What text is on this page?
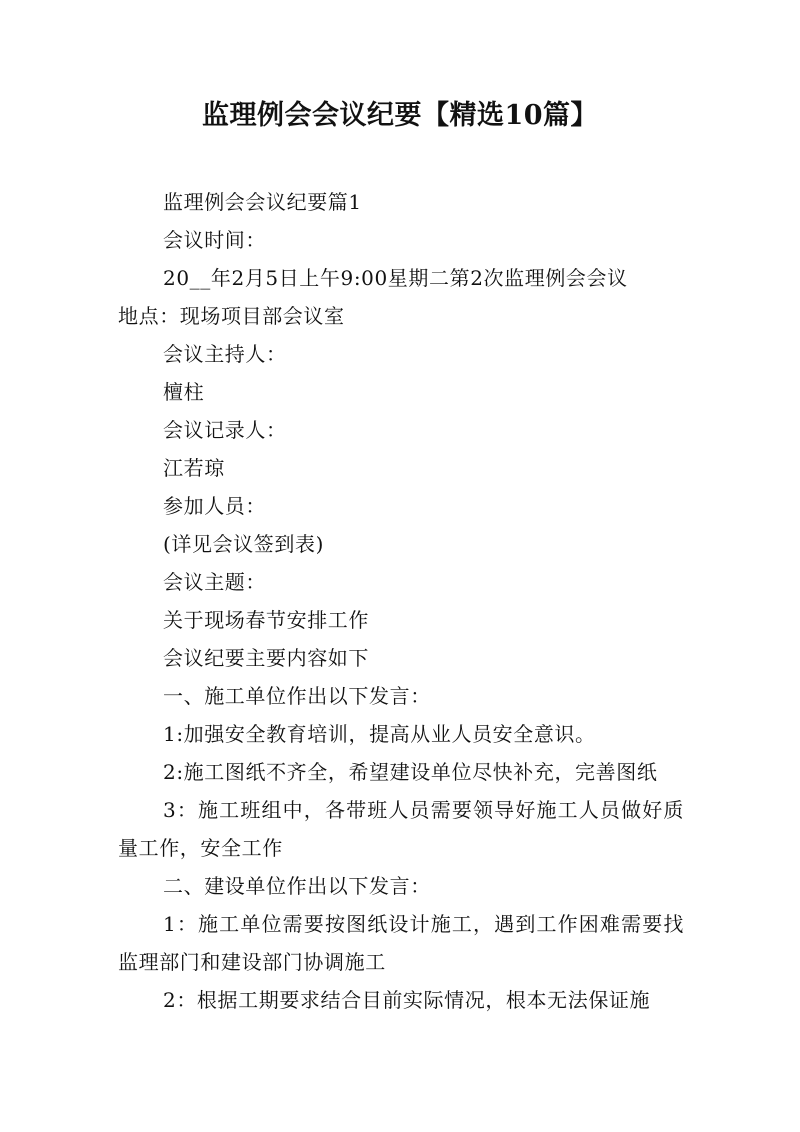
监理例会会议纪要【精选10篇】

监理例会会议纪要篇1

会议时间：

20__年2月5日上午9:00星期二第2次监理例会会议

地点：现场项目部会议室

会议主持人：

檀柱

会议记录人：

江若琼

参加人员：

(详见会议签到表)

会议主题：

关于现场春节安排工作

会议纪要主要内容如下

一、施工单位作出以下发言：

1:加强安全教育培训，提高从业人员安全意识。

2:施工图纸不齐全，希望建设单位尽快补充，完善图纸

3：施工班组中，各带班人员需要领导好施工人员做好质量工作，安全工作

二、建设单位作出以下发言：

1：施工单位需要按图纸设计施工，遇到工作困难需要找监理部门和建设部门协调施工

2：根据工期要求结合目前实际情况，根本无法保证施
